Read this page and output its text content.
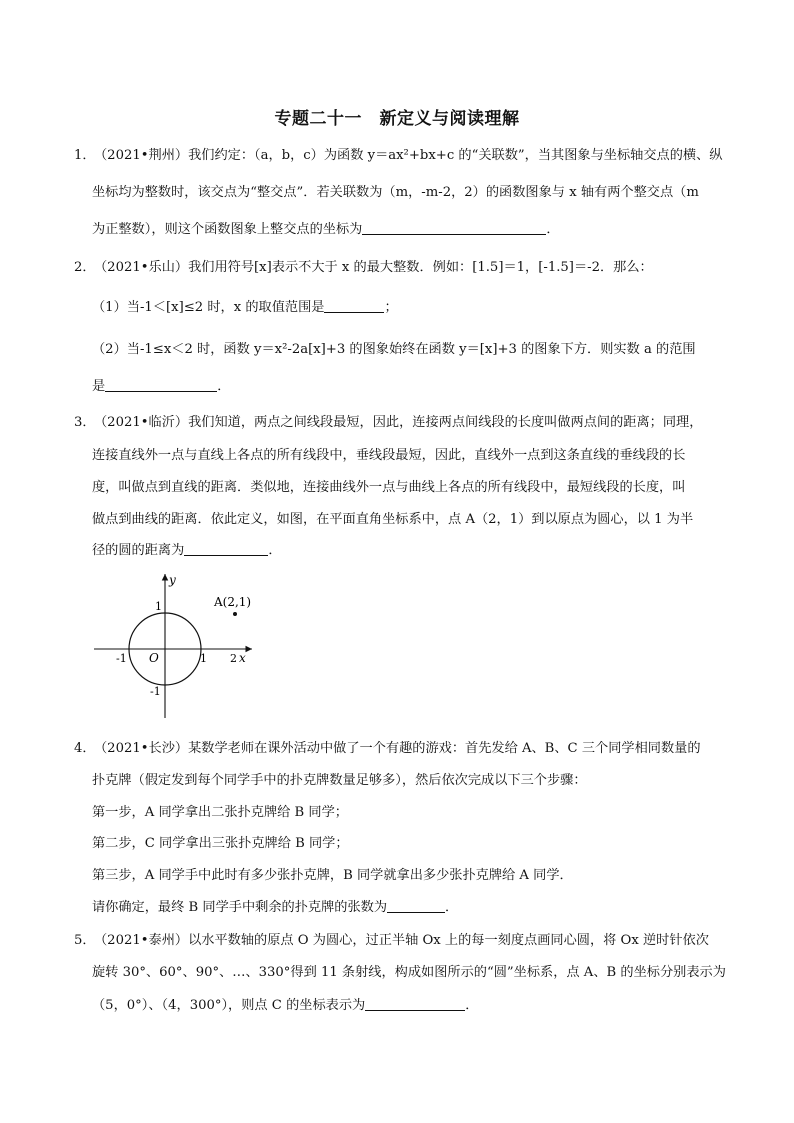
专题二十一　新定义与阅读理解
1．（2021•荆州）我们约定：（a，b，c）为函数 y＝ax²+bx+c 的“关联数”，当其图象与坐标轴交点的横、纵
坐标均为整数时，该交点为“整交点”．若关联数为（m，-m-2，2）的函数图象与 x 轴有两个整交点（m
为正整数），则这个函数图象上整交点的坐标为	．
2．（2021•乐山）我们用符号[x]表示不大于 x 的最大整数．例如：[1.5]＝1，[-1.5]＝-2．那么：
（1）当-1＜[x]≤2 时，x 的取值范围是	；
（2）当-1≤x＜2 时，函数 y＝x²-2a[x]+3 的图象始终在函数 y＝[x]+3 的图象下方．则实数 a 的范围
是	．
3．（2021•临沂）我们知道，两点之间线段最短，因此，连接两点间线段的长度叫做两点间的距离；同理，
连接直线外一点与直线上各点的所有线段中，垂线段最短，因此，直线外一点到这条直线的垂线段的长
度，叫做点到直线的距离．类似地，连接曲线外一点与曲线上各点的所有线段中，最短线段的长度，叫
做点到曲线的距离．依此定义，如图，在平面直角坐标系中，点 A（2，1）到以原点为圆心，以 1 为半
径的圆的距离为	．
y
x
O
A(2,1)
1
-1
-1	1 2
4．（2021•长沙）某数学老师在课外活动中做了一个有趣的游戏：首先发给 A、B、C 三个同学相同数量的
扑克牌（假定发到每个同学手中的扑克牌数量足够多），然后依次完成以下三个步骤：
第一步，A 同学拿出二张扑克牌给 B 同学；
第二步，C 同学拿出三张扑克牌给 B 同学；
第三步，A 同学手中此时有多少张扑克牌，B 同学就拿出多少张扑克牌给 A 同学．
请你确定，最终 B 同学手中剩余的扑克牌的张数为	．
5．（2021•泰州）以水平数轴的原点 O 为圆心，过正半轴 Ox 上的每一刻度点画同心圆，将 Ox 逆时针依次
旋转 30°、60°、90°、…、330°得到 11 条射线，构成如图所示的“圆”坐标系，点 A、B 的坐标分别表示为
（5，0°）、（4，300°），则点 C 的坐标表示为	．
